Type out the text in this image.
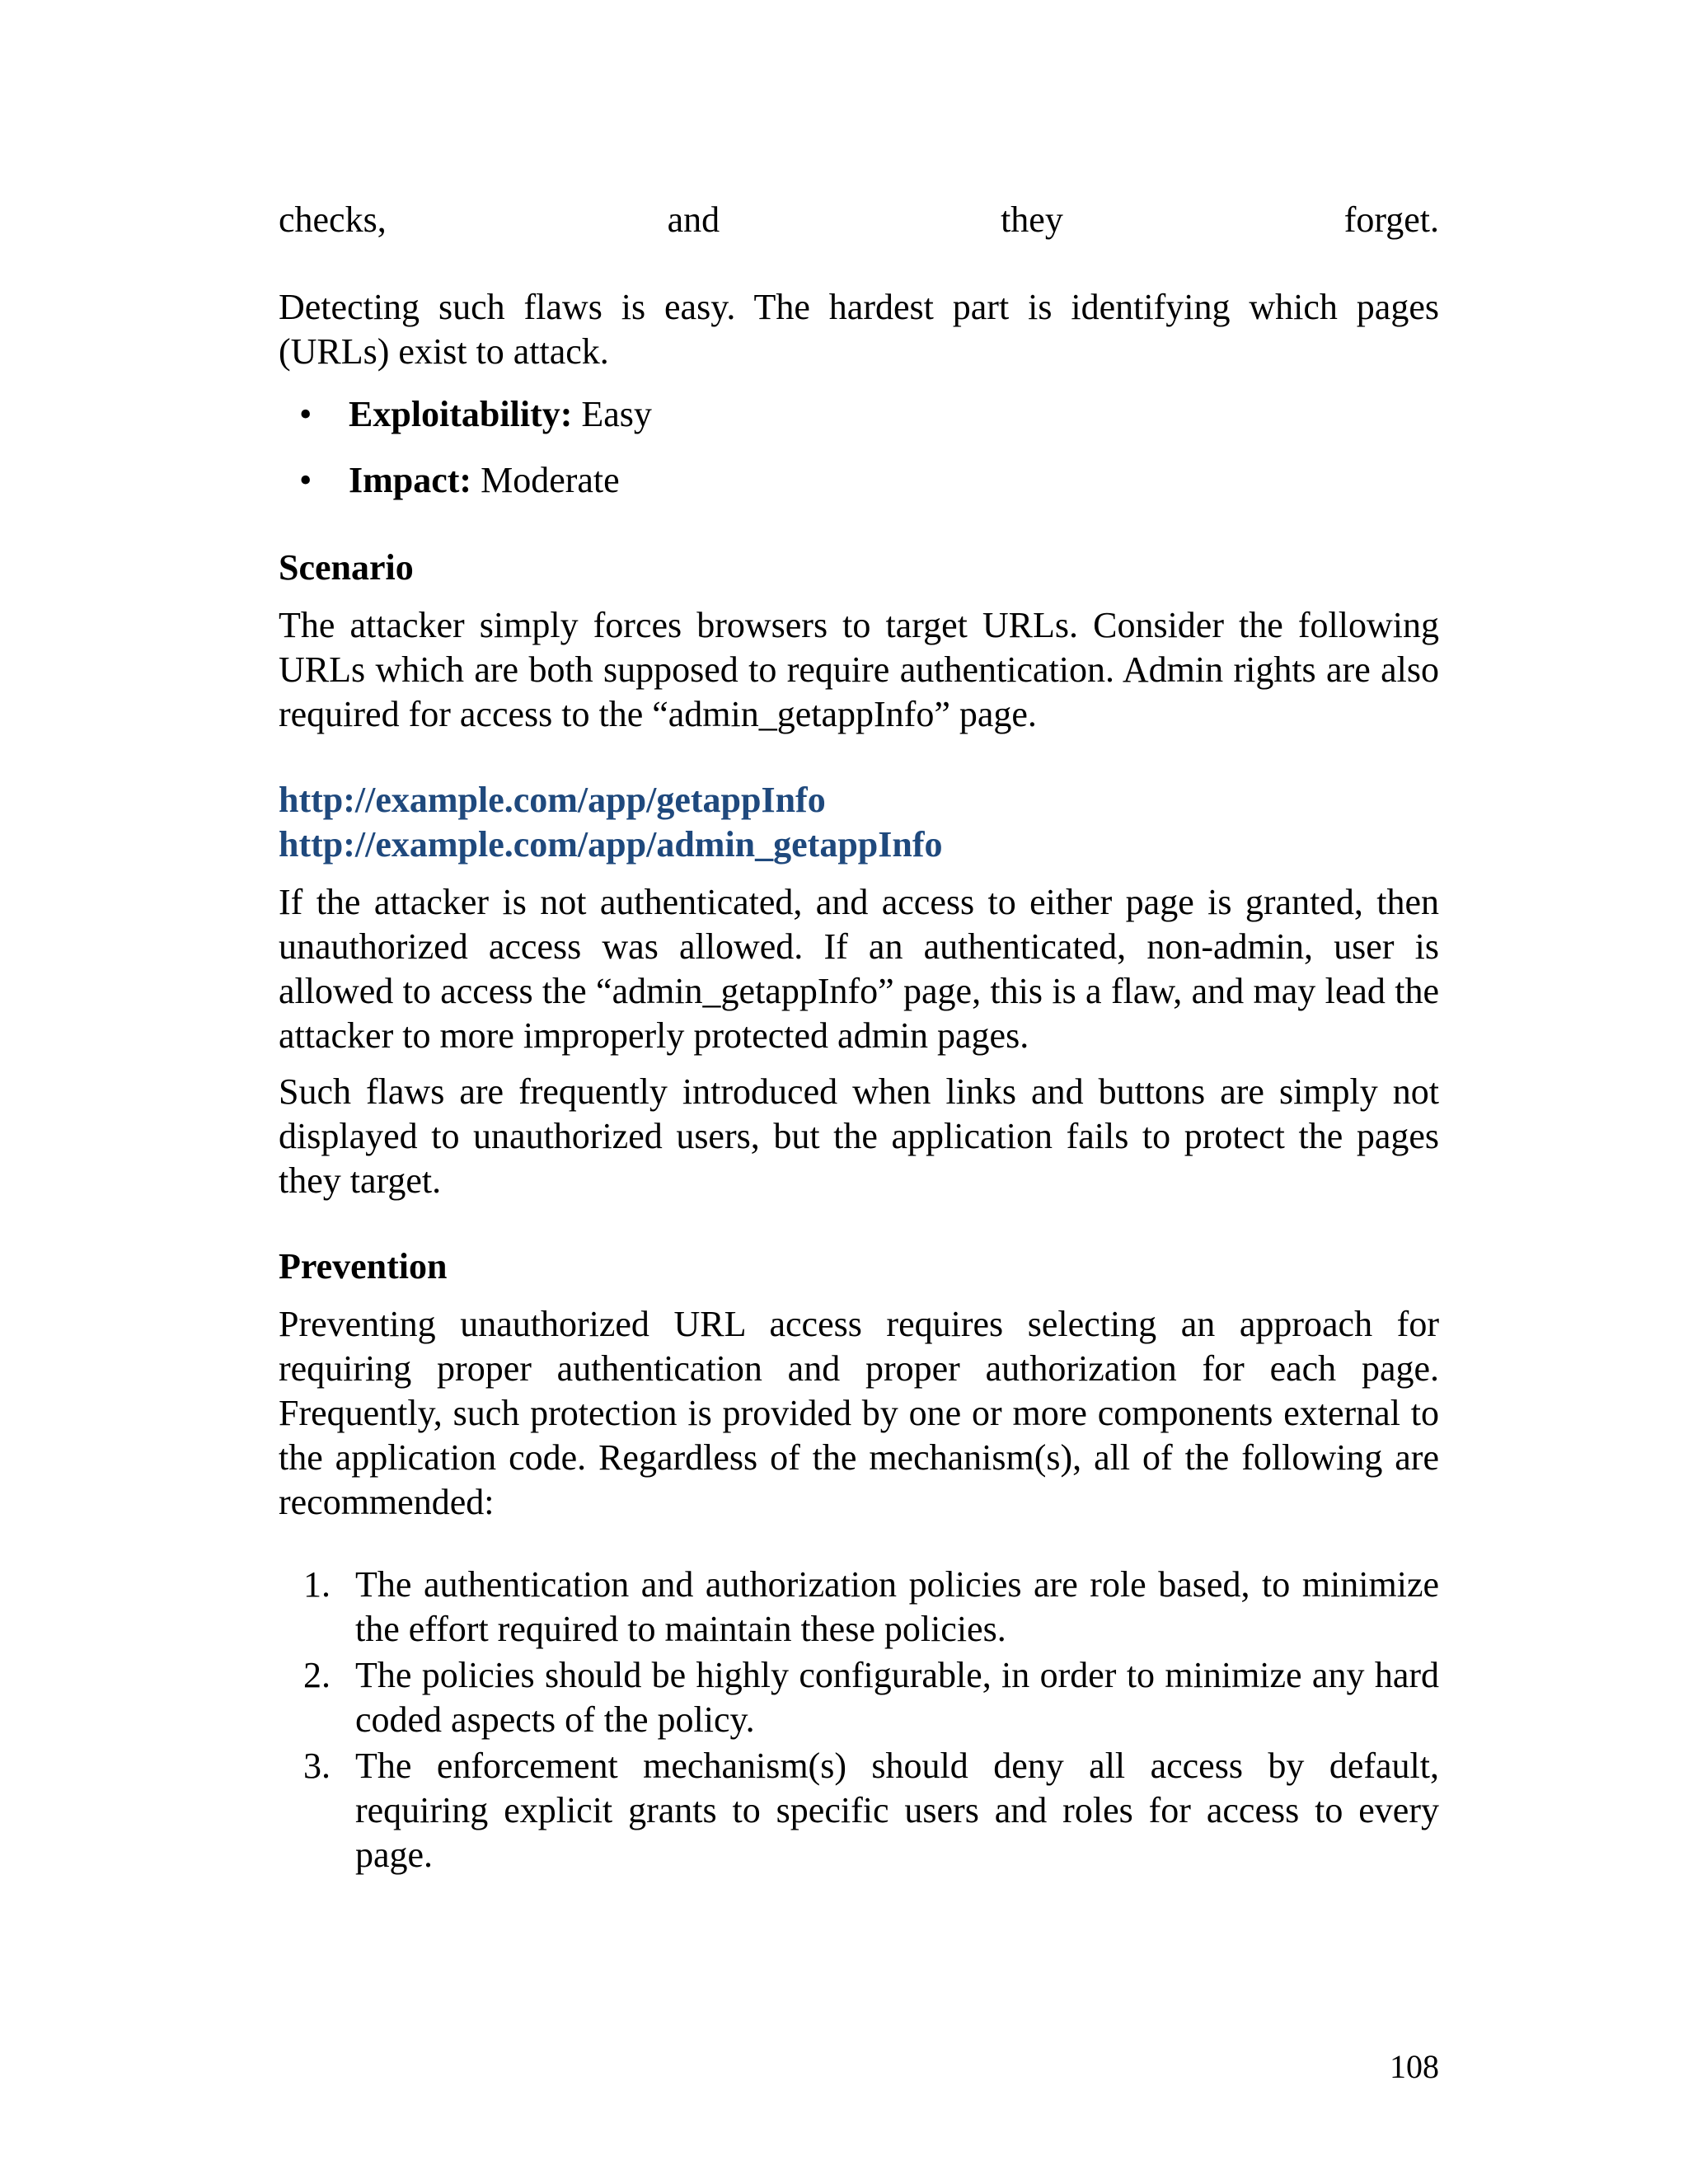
checks,	and	they	forget.

Detecting such flaws is easy. The hardest part is identifying which pages (URLs) exist to attack.

• Exploitability: Easy
• Impact: Moderate
Scenario

The attacker simply forces browsers to target URLs. Consider the following URLs which are both supposed to require authentication. Admin rights are also required for access to the “admin_getappInfo” page.

http://example.com/app/getappInfo

http://example.com/app/admin_getappInfo

If the attacker is not authenticated, and access to either page is granted, then unauthorized access was allowed. If an authenticated, non-admin, user is allowed to access the “admin_getappInfo” page, this is a flaw, and may lead the attacker to more improperly protected admin pages.

Such flaws are frequently introduced when links and buttons are simply not displayed to unauthorized users, but the application fails to protect the pages they target.

Prevention

Preventing unauthorized URL access requires selecting an approach for requiring proper authentication and proper authorization for each page. Frequently, such protection is provided by one or more components external to the application code. Regardless of the mechanism(s), all of the following are recommended:

1. The authentication and authorization policies are role based, to minimize the effort required to maintain these policies.
2. The policies should be highly configurable, in order to minimize any hard coded aspects of the policy.
3. The enforcement mechanism(s) should deny all access by default, requiring explicit grants to specific users and roles for access to every page.
108
